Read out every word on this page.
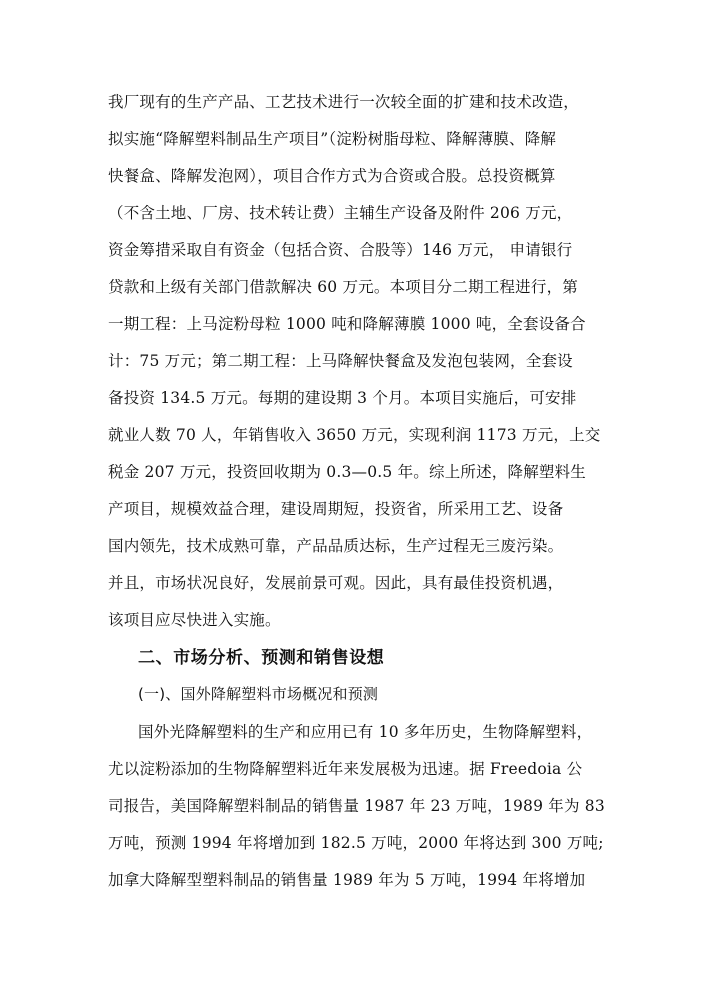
我厂现有的生产产品、工艺技术进行一次较全面的扩建和技术改造，
拟实施“降解塑料制品生产项目”（淀粉树脂母粒、降解薄膜、降解
快餐盒、降解发泡网），项目合作方式为合资或合股。总投资概算
（不含土地、厂房、技术转让费）主辅生产设备及附件 206 万元，
资金筹措采取自有资金（包括合资、合股等）146 万元， 申请银行
贷款和上级有关部门借款解决 60 万元。本项目分二期工程进行，第
一期工程：上马淀粉母粒 1000 吨和降解薄膜 1000 吨，全套设备合
计：75 万元；第二期工程：上马降解快餐盒及发泡包装网，全套设
备投资 134.5 万元。每期的建设期 3 个月。本项目实施后，可安排
就业人数 70 人，年销售收入 3650 万元，实现利润 1173 万元，上交
税金 207 万元，投资回收期为 0.3—0.5 年。综上所述，降解塑料生
产项目，规模效益合理，建设周期短，投资省，所采用工艺、设备
国内领先，技术成熟可靠，产品品质达标，生产过程无三废污染。
并且，市场状况良好，发展前景可观。因此，具有最佳投资机遇，
该项目应尽快进入实施。
二、市场分析、预测和销售设想
(一)、国外降解塑料市场概况和预测
国外光降解塑料的生产和应用已有 10 多年历史，生物降解塑料，
尤以淀粉添加的生物降解塑料近年来发展极为迅速。据 Freedoia 公
司报告，美国降解塑料制品的销售量 1987 年 23 万吨，1989 年为 83
万吨，预测 1994 年将增加到 182.5 万吨，2000 年将达到 300 万吨;
加拿大降解型塑料制品的销售量 1989 年为 5 万吨，1994 年将增加
